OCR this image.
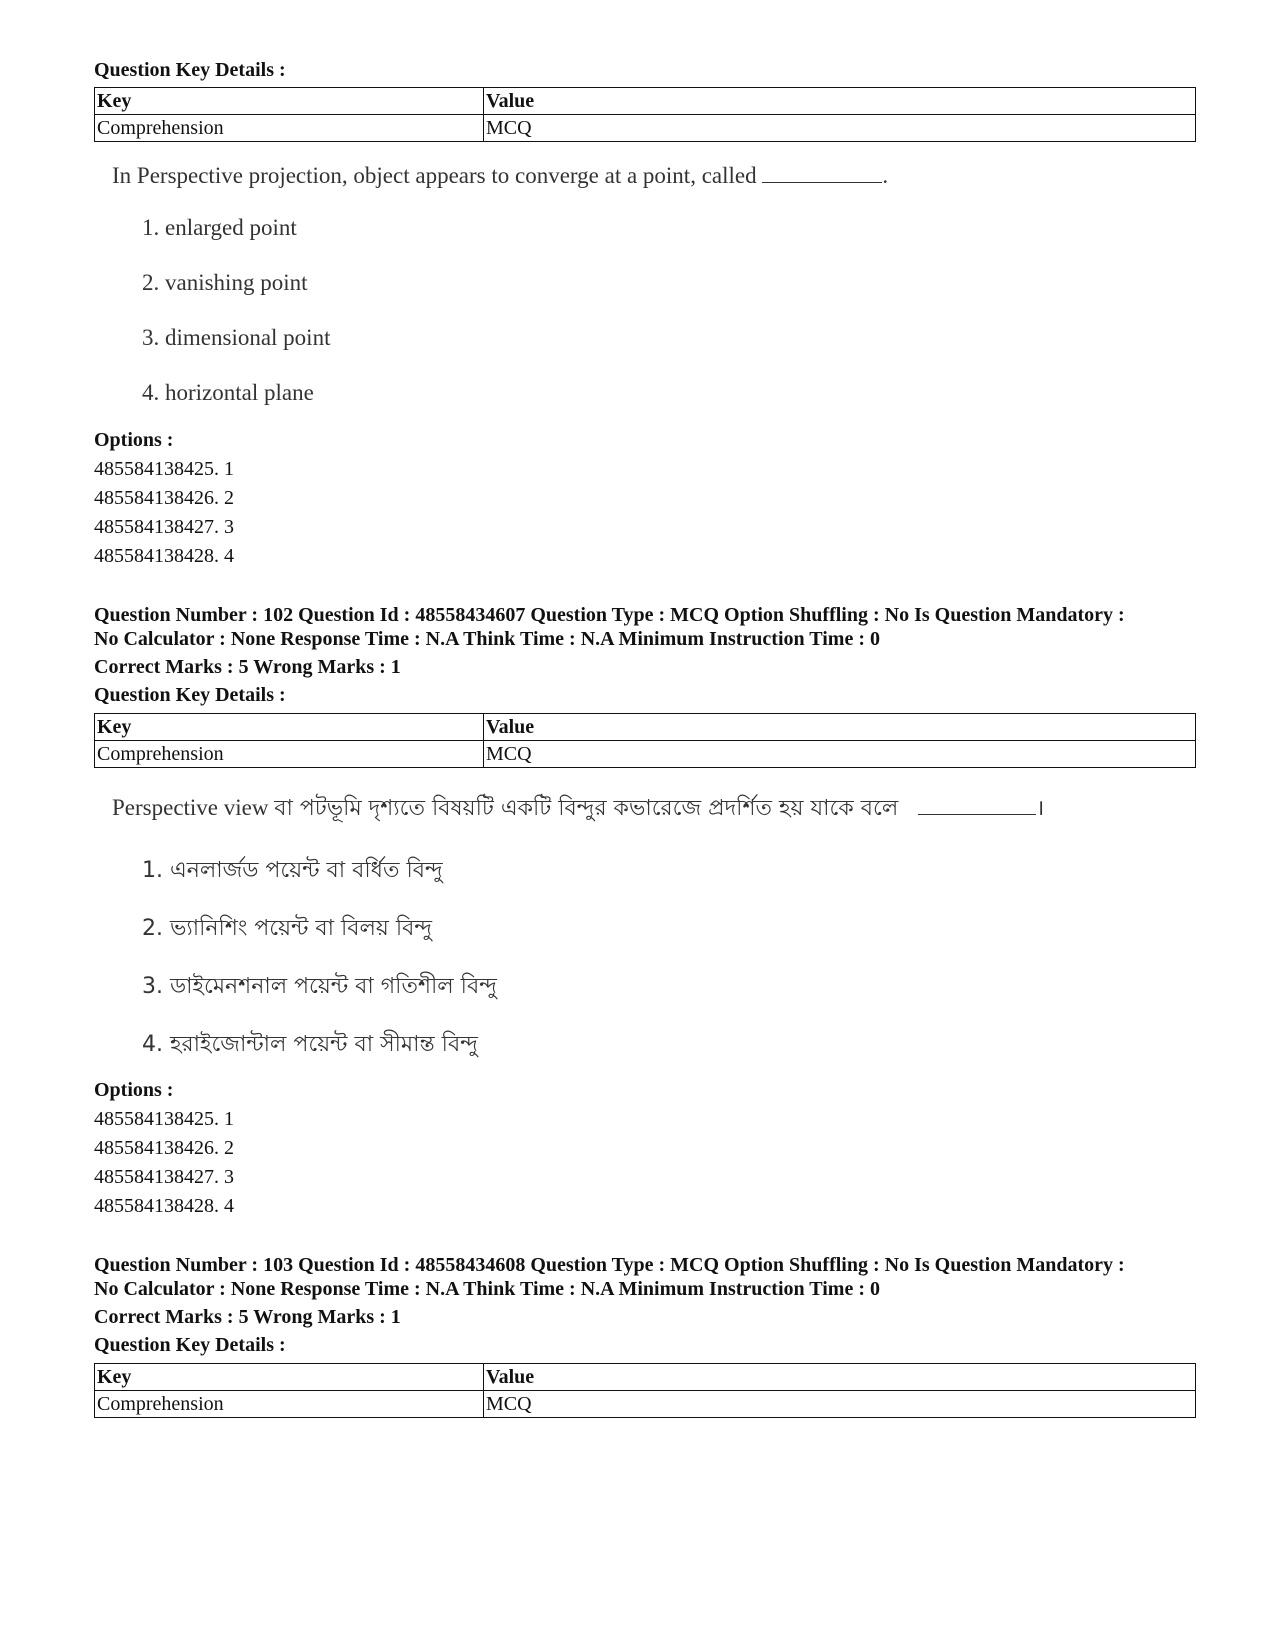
Question Key Details :

Key	Value
Comprehension	MCQ

In Perspective projection, object appears to converge at a point, called	.

1. enlarged point

2. vanishing point

3. dimensional point

4. horizontal plane

Options :

485584138425. 1

485584138426. 2

485584138427. 3

485584138428. 4

Question Number : 102 Question Id : 48558434607 Question Type : MCQ Option Shuffling : No Is Question Mandatory :

No Calculator : None Response Time : N.A Think Time : N.A Minimum Instruction Time : 0

Correct Marks : 5 Wrong Marks : 1

Question Key Details :

Key	Value
Comprehension	MCQ

Perspective view বা পটভূমি দৃশ্যতে বিষয়টি একটি বিন্দুর কভারেজে প্রদর্শিত হয় যাকে বলে	।

1. এনলার্জড পয়েন্ট বা বর্ধিত বিন্দু

2. ভ্যানিশিং পয়েন্ট বা বিলয় বিন্দু

3. ডাইমেনশনাল পয়েন্ট বা গতিশীল বিন্দু

4. হরাইজোন্টাল পয়েন্ট বা সীমান্ত বিন্দু

Options :

485584138425. 1

485584138426. 2

485584138427. 3

485584138428. 4

Question Number : 103 Question Id : 48558434608 Question Type : MCQ Option Shuffling : No Is Question Mandatory :

No Calculator : None Response Time : N.A Think Time : N.A Minimum Instruction Time : 0

Correct Marks : 5 Wrong Marks : 1

Question Key Details :

Key	Value
Comprehension	MCQ
